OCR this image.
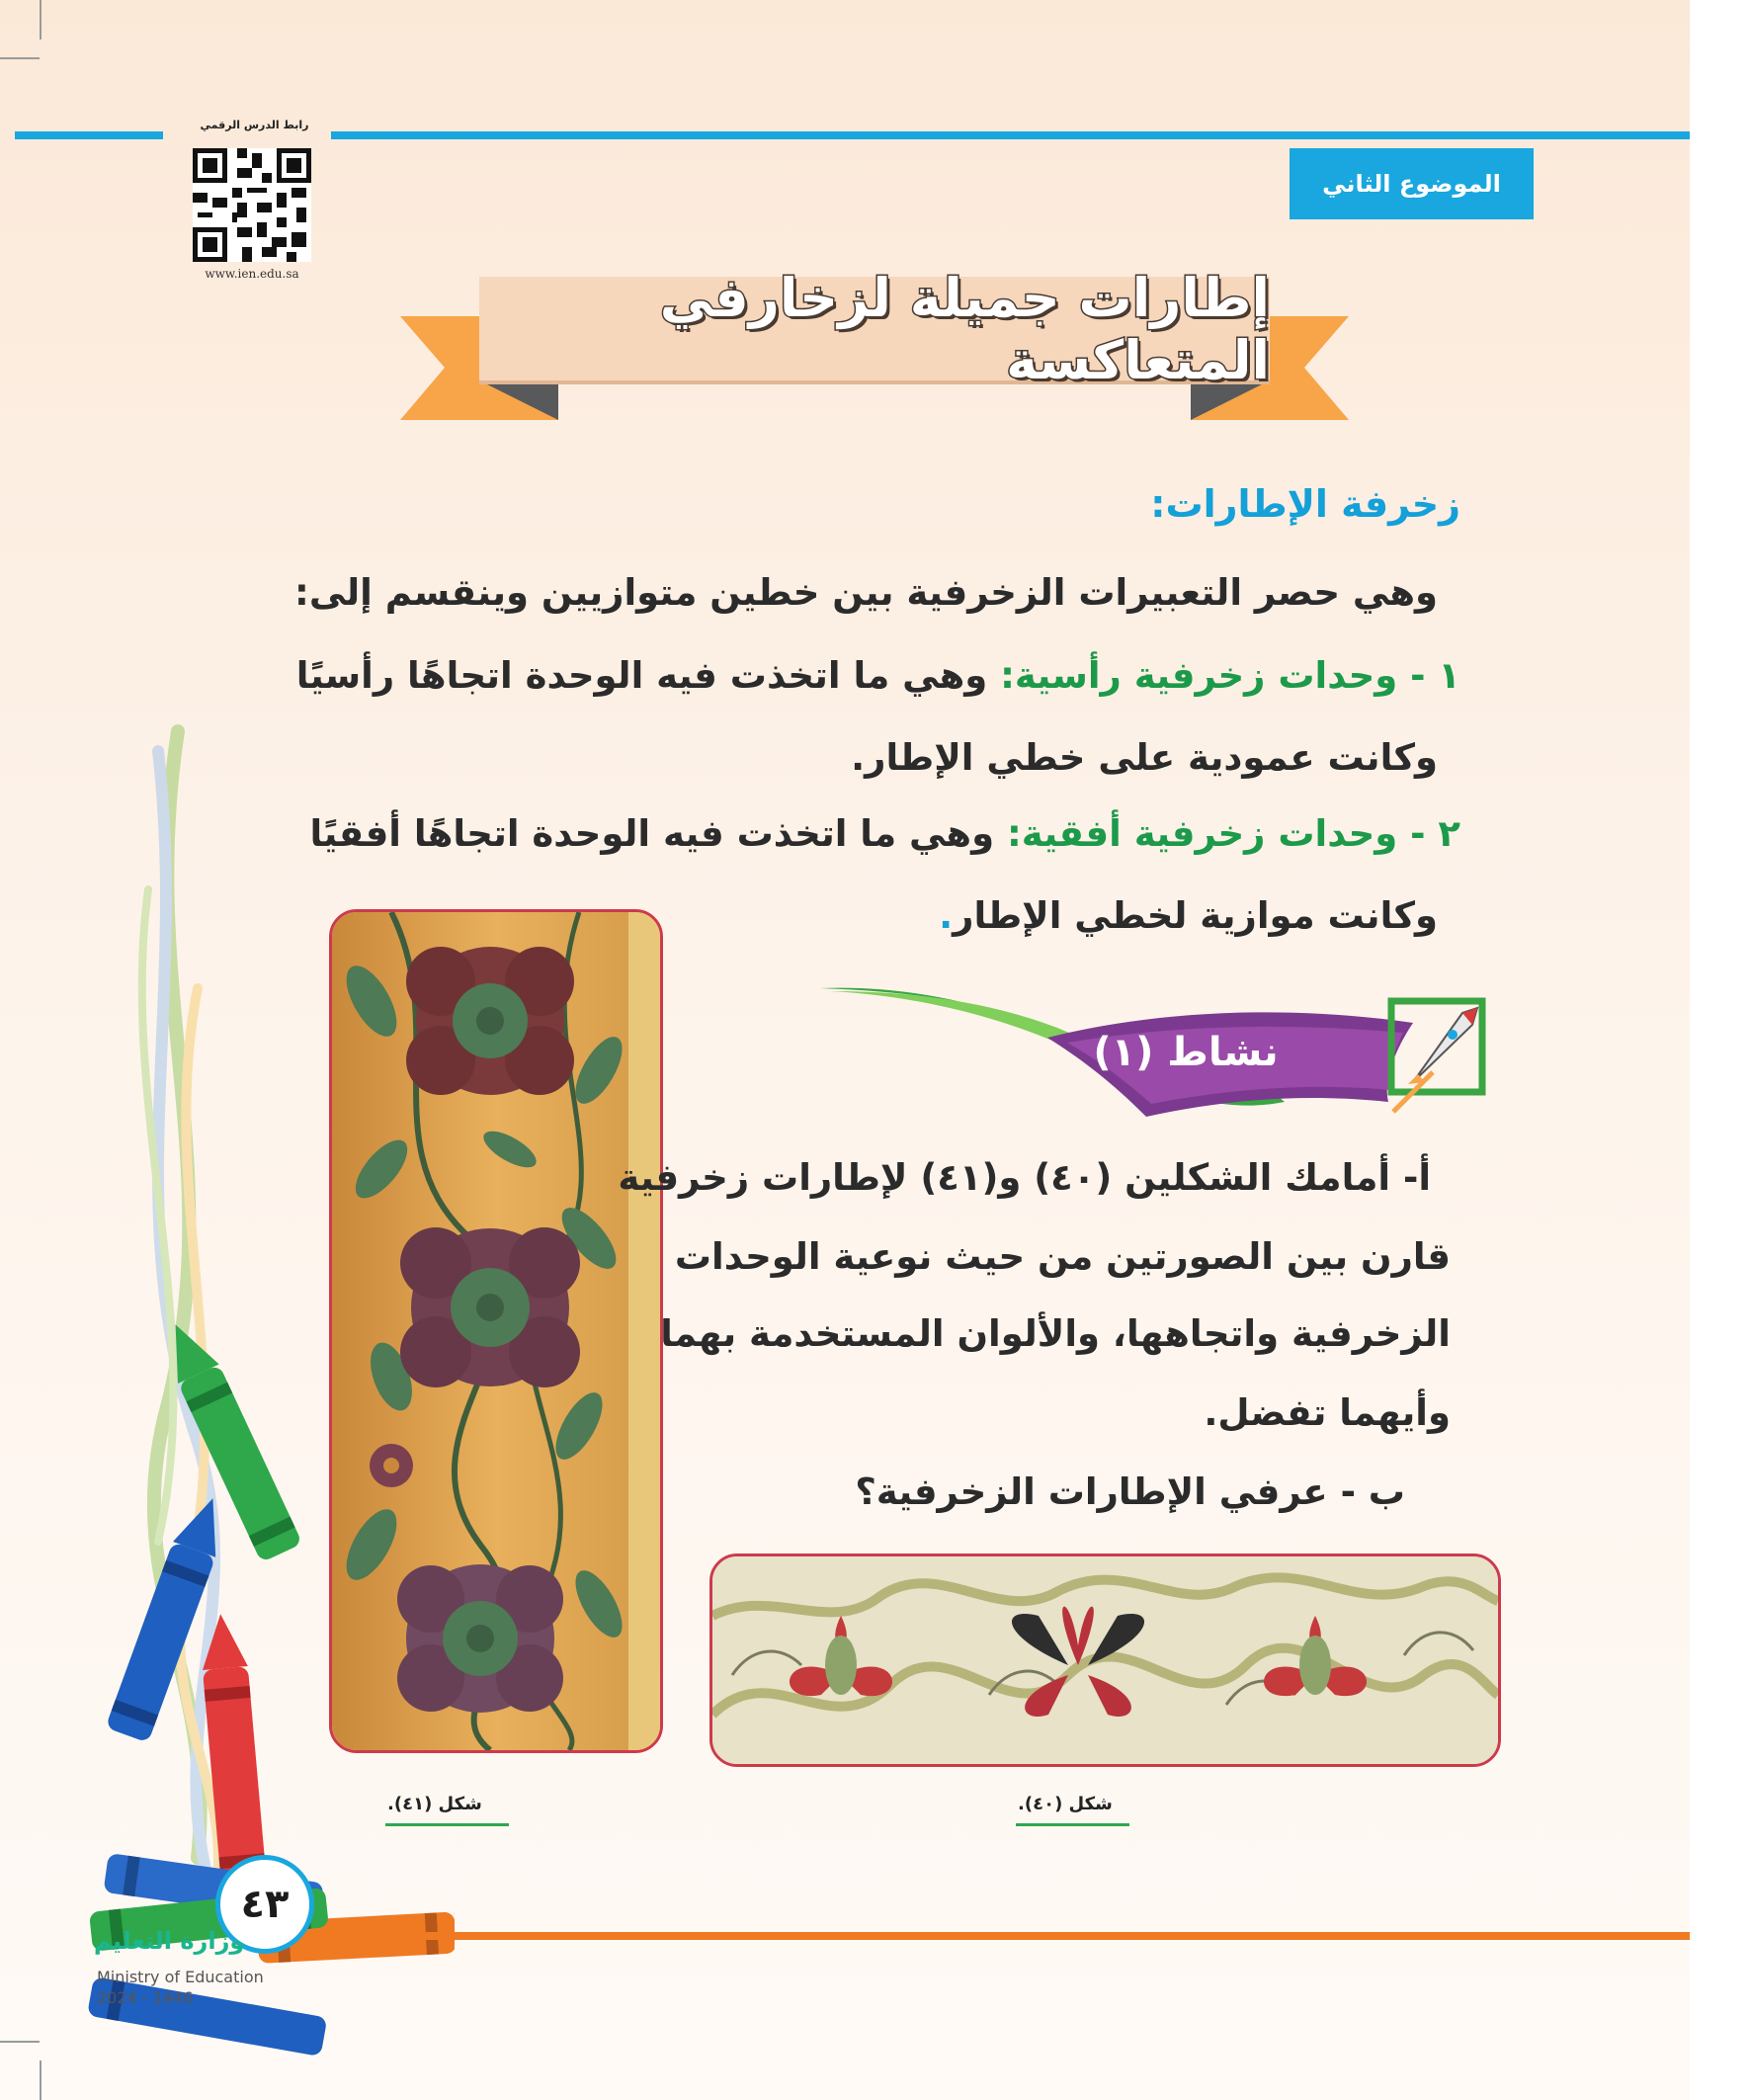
رابط الدرس الرقمي
www.ien.edu.sa
الموضوع الثاني
إطارات جميلة لزخارفي المتعاكسة
زخرفة الإطارات:
وهي حصر التعبيرات الزخرفية بين خطين متوازيين وينقسم إلى:
١ - وحدات زخرفية رأسية: وهي ما اتخذت فيه الوحدة اتجاهًا رأسيًا
وكانت عمودية على خطي الإطار.
٢ - وحدات زخرفية أفقية: وهي ما اتخذت فيه الوحدة اتجاهًا أفقيًا
وكانت موازية لخطي الإطار.
نشاط (١)
أ- أمامك الشكلين (٤٠) و(٤١) لإطارات زخرفية
قارن بين الصورتين من حيث نوعية الوحدات
الزخرفية واتجاهها، والألوان المستخدمة بهما
وأيهما تفضل.
ب - عرفي الإطارات الزخرفية؟
شكل (٤١).	شكل (٤٠).
٤٣
وزارة التعليم
Ministry of Education
2024 - 1446
